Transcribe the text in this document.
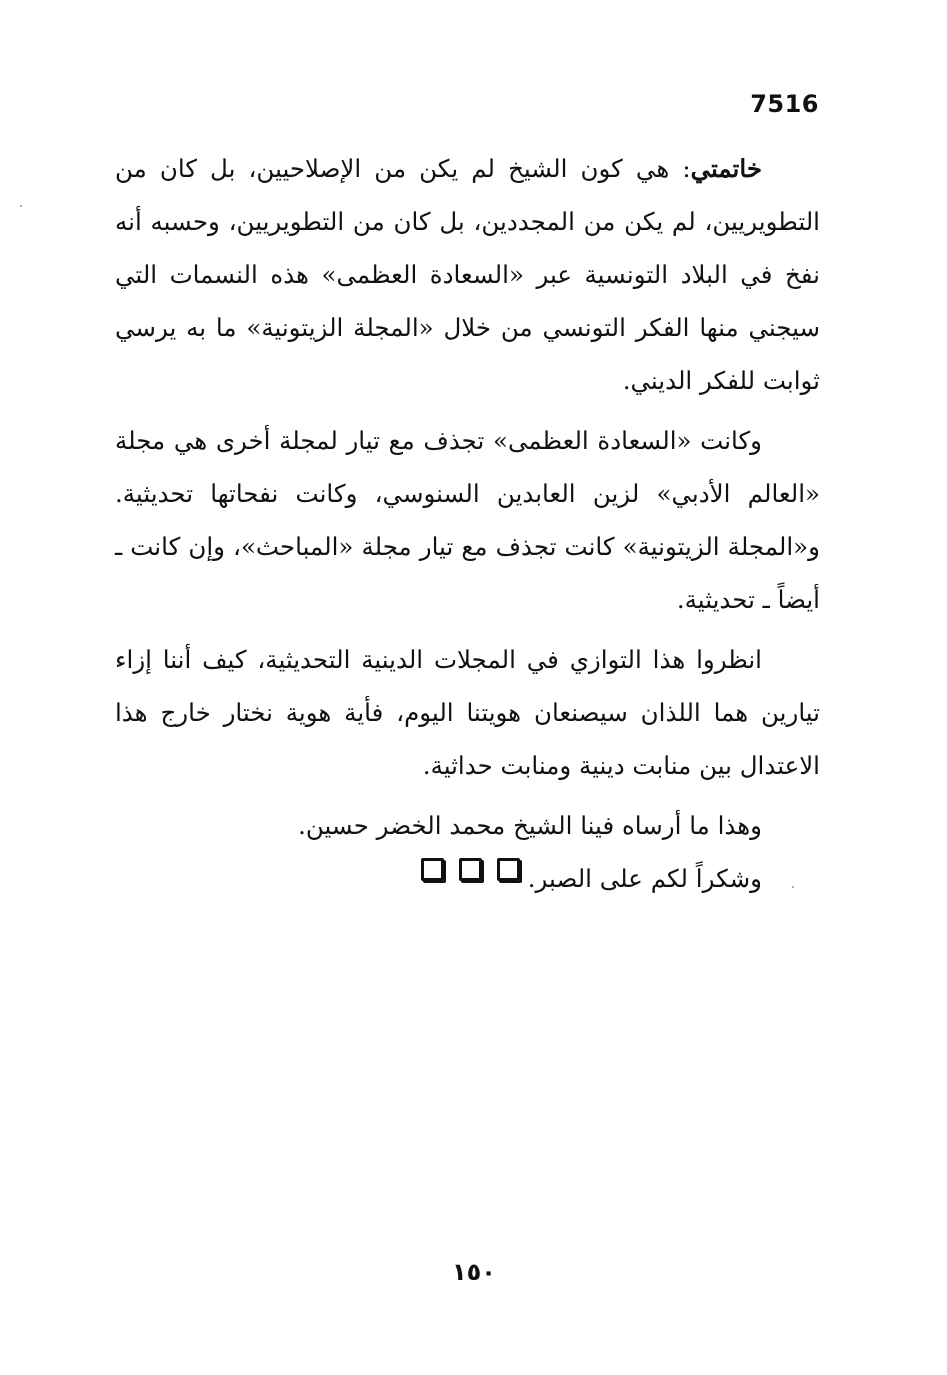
7516

خاتمتي: هي كون الشيخ لم يكن من الإصلاحيين، بل كان من التطويريين، لم يكن من المجددين، بل كان من التطويريين، وحسبه أنه نفخ في البلاد التونسية عبر «السعادة العظمى» هذه النسمات التي سيجني منها الفكر التونسي من خلال «المجلة الزيتونية» ما به يرسي ثوابت للفكر الديني.

وكانت «السعادة العظمى» تجذف مع تيار لمجلة أخرى هي مجلة «العالم الأدبي» لزين العابدين السنوسي، وكانت نفحاتها تحديثية. و«المجلة الزيتونية» كانت تجذف مع تيار مجلة «المباحث»، وإن كانت ـ أيضاً ـ تحديثية.

انظروا هذا التوازي في المجلات الدينية التحديثية، كيف أننا إزاء تيارين هما اللذان سيصنعان هويتنا اليوم، فأية هوية نختار خارج هذا الاعتدال بين منابت دينية ومنابت حداثية.

وهذا ما أرساه فينا الشيخ محمد الخضر حسين.

وشكراً لكم على الصبر.

١٥٠
